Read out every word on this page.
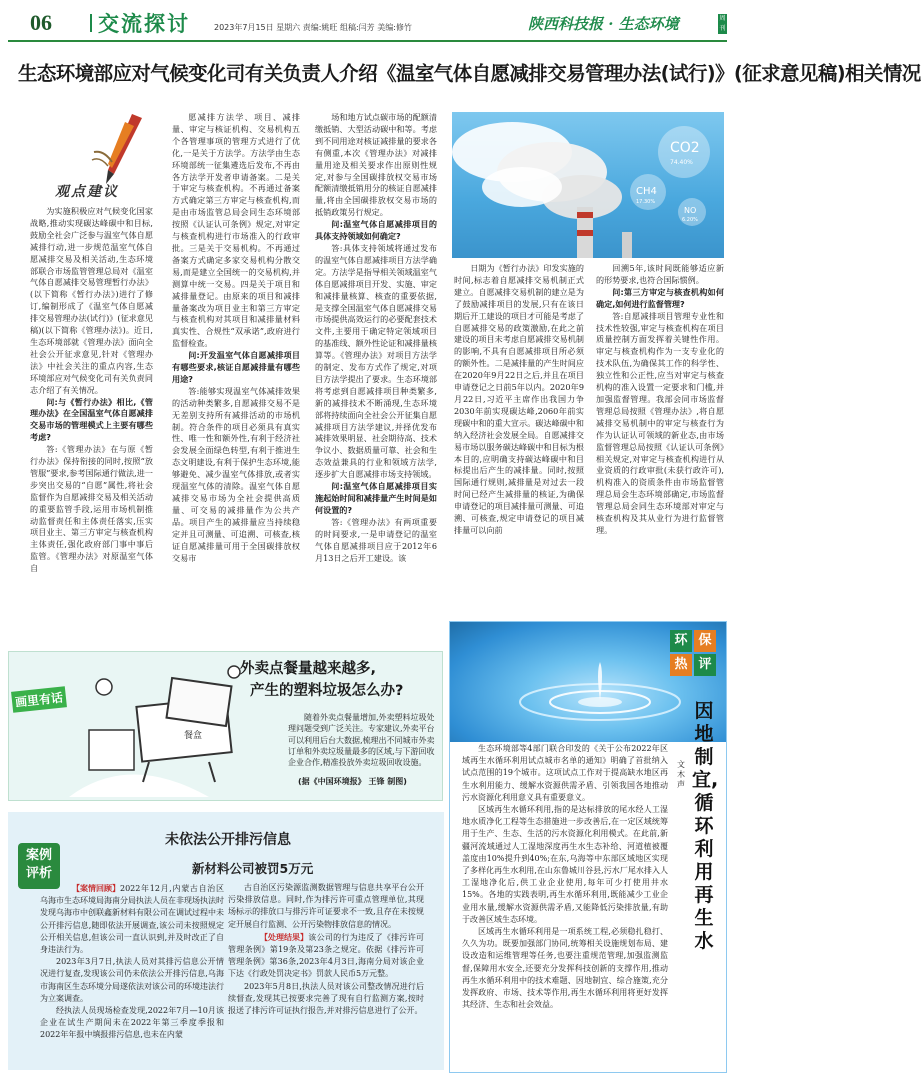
06 交流探讨	2023年7月15日 星期六 责编:姚旺 组稿:闫芳 美编:修竹	陕西科技报 · 生态环境	周刊
生态环境部应对气候变化司有关负责人介绍《温室气体自愿减排交易管理办法(试行)》(征求意见稿)相关情况
观点建议

为实施积极应对气候变化国家战略,推动实现碳达峰碳中和目标,鼓励全社会广泛参与温室气体自愿减排行动,进一步规范温室气体自愿减排交易及相关活动,生态环境部联合市场监管管理总局对《温室气体自愿减排交易管理暂行办法》(以下简称《暂行办法》)进行了修订,编制形成了《温室气体自愿减排交易管理办法(试行)》(征求意见稿)(以下简称《管理办法》)。近日,生态环境部就《管理办法》面向全社会公开征求意见,针对《管理办法》中社会关注的重点内容,生态环境部应对气候变化司有关负责同志介绍了有关情况。

问:与《暂行办法》相比,《管理办法》在全国温室气体自愿减排交易市场的管理模式上主要有哪些考虑?

答:《管理办法》在与原《暂行办法》保持衔接的同时,按照“放管服”要求,参考国际通行做法,进一步突出交易的“自愿”属性,将社会监督作为自愿减排交易及相关活动的重要监管手段,运用市场机制推动监督责任和主体责任落实,压实项目业主、第三方审定与核查机构主体责任,强化政府部门事中事后监管。《管理办法》对原温室气体自

愿减排方法学、项目、减排量、审定与核证机构、交易机构五个各管理事项的管理方式进行了优化,一是关于方法学。方法学由生态环境部统一征集遴选后发布,不再由各方法学开发者申请备案。二是关于审定与核查机构。不再通过备案方式确定第三方审定与核查机构,而是由市场监管总局会同生态环境部按照《认证认可条例》规定,对审定与核查机构进行市场准入的行政审批。三是关于交易机构。不再通过备案方式确定多家交易机构分散交易,而是建立全国统一的交易机构,并测算中统一交易。四是关于项目和减排量登记。由原来的项目和减排量备案改为项目业主和第三方审定与核查机构对其项目和减排量材料真实性、合规性“双承诺”,政府进行监督检查。

问:开发温室气体自愿减排项目有哪些要求,核证自愿减排量有哪些用途?

答:能够实现温室气体减排效果的活动种类繁多,自愿减排交易不是无差别支持所有减排活动的市场机制。符合条件的项目必须具有真实性、唯一性和额外性,有利于经济社会发展全面绿色转型,有利于推进生态文明建设,有利于保护生态环境,能够避免、减少温室气体排放,或者实现温室气体的清除。温室气体自愿减排交易市场为全社会提供高质量、可交易的减排量作为公共产品。项目产生的减排量应当持续稳定并且可测量、可追溯、可核查,核证自愿减排量可用于全国碳排放权交易市

场和地方试点碳市场的配额清缴抵销、大型活动碳中和等。考虑到不同用途对核证减排量的要求各有侧重,本次《管理办法》对减排量用途及相关要求作出原则性规定,对参与全国碳排放权交易市场配额清缴抵销用分的核证自愿减排量,将由全国碳排放权交易市场的抵销政策另行规定。

问:温室气体自愿减排项目的具体支持领域如何确定?

答:具体支持领域将通过发布的温室气体自愿减排项目方法学确定。方法学是指导相关领域温室气体自愿减排项目开发、实施、审定和减排量核算、核查的重要依据,是支撑全国温室气体自愿减排交易市场提供高效运行的必要配套技术文件,主要用于确定特定领域项目的基准线、额外性论证和减排量核算等。《管理办法》对项目方法学的制定、发布方式作了规定,对项目方法学提出了要求。生态环境部将考虑到自愿减排项目种类繁多,新的减排技术不断涌现,生态环境部将持续面向全社会公开征集自愿减排项目方法学建议,并择优发布减排效果明显、社会期待高、技术争议小、数据质量可靠、社会和生态效益兼具的行业和领域方法学,逐步扩大自愿减排市场支持领域。

问:温室气体自愿减排项目实施起始时间和减排量产生时间是如何设置的?

答:《管理办法》有两项重要的时间要求,一是申请登记的温室气体自愿减排项目应于2012年6月13日之后开工建设。该

日期为《暂行办法》印发实施的时间,标志着自愿减排交易机制正式建立。自愿减排交易机制的建立是为了鼓励减排项目的发展,只有在该日期后开工建设的项目才可能是考虑了自愿减排交易的政策激励,在此之前建设的项目未考虑自愿减排交易机制的影响,不具有自愿减排项目所必须的额外性。二是减排量的产生时间应在2020年9月22日之后,并且在项目申请登记之日前5年以内。2020年9月22日,习近平主席作出我国力争2030年前实现碳达峰,2060年前实现碳中和的重大宣示。碳达峰碳中和纳入经济社会发展全局。自愿减排交易市场以服务碳达峰碳中和目标为根本目的,应明确支持碳达峰碳中和目标提出后产生的减排量。同时,按照国际通行规则,减排量是对过去一段时间已经产生减排量的核证,为确保申请登记的项目减排量可测量、可追溯、可核查,规定申请登记的项目减排量可以向前

回溯5年,该时间既能够适应新的形势要求,也符合国际惯例。

问:第三方审定与核查机构如何确定,如何进行监督管理?

答:自愿减排项目管理专业性和技术性较强,审定与核查机构在项目质量控制方面发挥着关键性作用。审定与核查机构作为一支专业化的技术队伍,为确保其工作的科学性、独立性和公正性,应当对审定与核查机构的准入设置一定要求和门槛,并加强监督管理。我部会同市场监督管理总局按照《管理办法》,将自愿减排交易机制中的审定与核查行为作为认证认可领域的新业态,由市场监督管理总局按照《认证认可条例》相关规定,对审定与核查机构进行从业资质的行政审批(未获行政许可),机构准入的资质条件由市场监督管理总局会生态环境部确定,市场监督管理总局会同生态环境部对审定与核查机构及其从业行为进行监督管理。

CO2
74.40%
CH4
17.30%
NO
6.20%
餐盒
画里有话
外卖点餐量越来越多,
产生的塑料垃圾怎么办?
随着外卖点餐量增加,外卖塑料垃圾处理问题受到广泛关注。专家建议,外卖平台可以利用后台大数据,梳理出不同城市外卖订单和外卖垃圾量最多的区域,与下游回收企业合作,精准投放外卖垃圾回收设施。
(据《中国环境报》 王锋 制图)
案例
评析
未依法公开排污信息
新材料公司被罚5万元

【案情回顾】2022年12月,内蒙古自治区乌海市生态环境局海南分局执法人员在非现场执法时发现乌海市中创联鑫新材料有限公司在调试过程中未公开排污信息,随即依法开展调查,该公司未按照规定公开相关信息,但该公司一直认识到,并及时改正了自身违法行为。

2023年3月7日,执法人员对其排污信息公开情况进行复查,发现该公司仍未依法公开排污信息,乌海市海南区生态环境分局遂依法对该公司的环境违法行为立案调查。

经执法人员现场检查发现,2022年7月—10月该企业在试生产期间未在2022年第三季度季报和2022年年报中填报排污信息,也未在内蒙

古自治区污染源监测数据管理与信息共享平台公开污染排放信息。同时,作为排污许可重点管理单位,其现场标示的排放口与排污许可证要求不一致,且存在未按规定开展自行监测、公开污染物排放信息的情况。

【处理结果】该公司的行为违反了《排污许可管理条例》第19条及第23条之规定。依据《排污许可管理条例》第36条,2023年4月3日,海南分局对该企业下达《行政处罚决定书》罚款人民币5万元整。

2023年5月8日,执法人员对该公司整改情况进行后续督查,发现其已按要求完善了现有自行监测方案,按时报送了排污许可证执行报告,并对排污信息进行了公开。

环 保
热 评
因地制宜,循环利用再生水
文 木声

生态环境部等4部门联合印发的《关于公布2022年区域再生水循环利用试点城市名单的通知》明确了首批纳入试点范围的19个城市。这项试点工作对于提高缺水地区再生水利用能力、缓解水资源供需矛盾、引领我国各地推动污水资源化利用意义具有重要意义。

区域再生水循环利用,指的是达标排放的尾水经人工湿地水质净化工程等生态措施进一步改善后,在一定区域统筹用于生产、生态、生活的污水资源化利用模式。在此前,新疆河流域通过人工湿地深度再生水生态补给、河道植被覆盖度由10%提升到40%;在东,乌海等中东部区域地区实现了多样化再生水利用,在山东鲁城川谷县,污水厂尾水排入人工湿地净化后,供工业企业使用,每年可少打使用井水15%。各地的实践表明,再生水循环利用,既能减少工业企业用水量,缓解水资源供需矛盾,又能降低污染排放量,有助于改善区域生态环境。

区域再生水循环利用是一项系统工程,必须稳扎稳打、久久为功。既要加强部门协同,统筹相关设施规划布局、建设改造和运维管理等任务,也要注重规范管理,加强监测监督,保障用水安全,还要充分发挥科技创新的支撑作用,推动再生水循环利用中的技术难题、因地制宜、综合施策,充分发挥政府、市场、技术等作用,再生水循环利用将更好发挥其经济、生态和社会效益。
